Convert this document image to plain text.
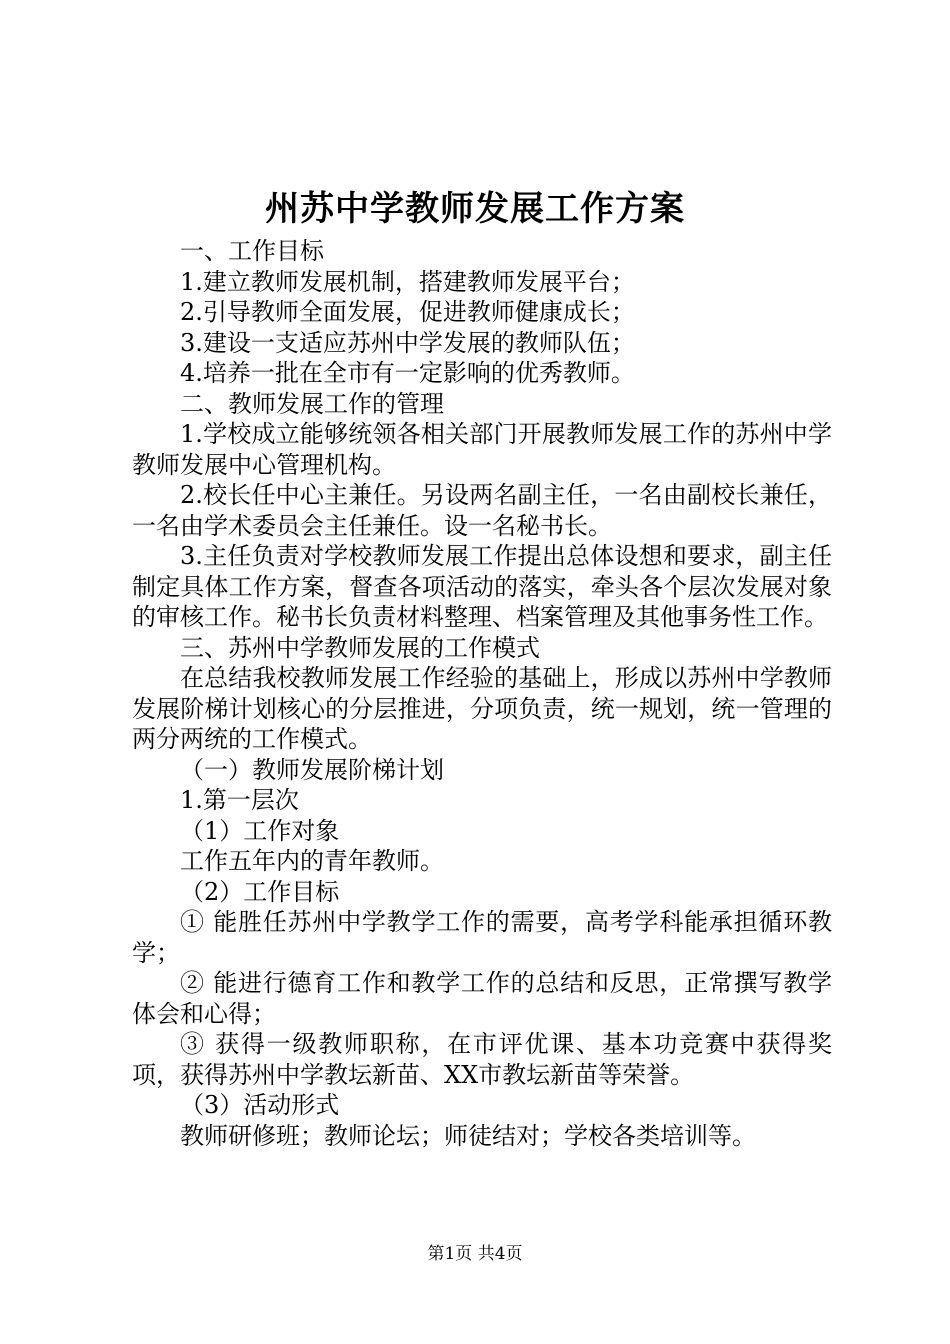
州苏中学教师发展工作方案

一、工作目标

1.建立教师发展机制，搭建教师发展平台；

2.引导教师全面发展，促进教师健康成长；

3.建设一支适应苏州中学发展的教师队伍；

4.培养一批在全市有一定影响的优秀教师。

二、教师发展工作的管理

1.学校成立能够统领各相关部门开展教师发展工作的苏州中学教师发展中心管理机构。

2.校长任中心主兼任。另设两名副主任，一名由副校长兼任，一名由学术委员会主任兼任。设一名秘书长。

3.主任负责对学校教师发展工作提出总体设想和要求，副主任制定具体工作方案，督查各项活动的落实，牵头各个层次发展对象的审核工作。秘书长负责材料整理、档案管理及其他事务性工作。

三、苏州中学教师发展的工作模式

在总结我校教师发展工作经验的基础上，形成以苏州中学教师发展阶梯计划核心的分层推进，分项负责，统一规划，统一管理的两分两统的工作模式。

（一）教师发展阶梯计划

1.第一层次

（1）工作对象

工作五年内的青年教师。

（2）工作目标

① 能胜任苏州中学教学工作的需要，高考学科能承担循环教学；

② 能进行德育工作和教学工作的总结和反思，正常撰写教学体会和心得；

③ 获得一级教师职称，在市评优课、基本功竞赛中获得奖项，获得苏州中学教坛新苗、XX市教坛新苗等荣誉。

（3）活动形式

教师研修班；教师论坛；师徒结对；学校各类培训等。

第1页 共4页
